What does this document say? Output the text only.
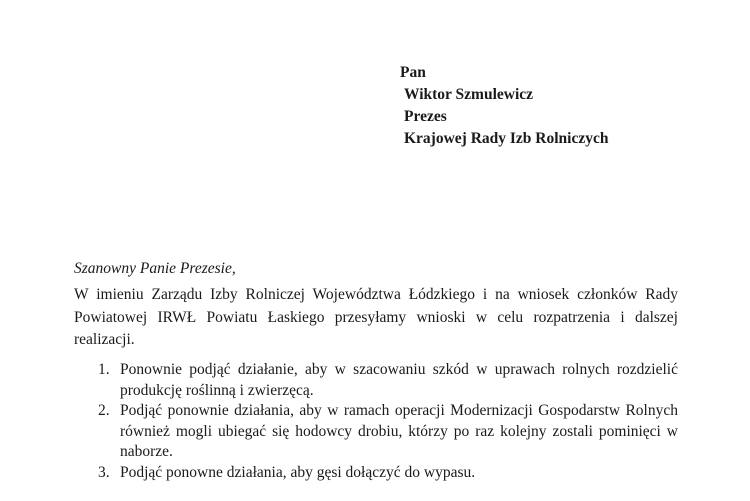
Pan
Wiktor Szmulewicz
Prezes
Krajowej Rady Izb Rolniczych
Szanowny Panie Prezesie,

W imieniu Zarządu Izby Rolniczej Województwa Łódzkiego i na wniosek członków Rady Powiatowej IRWŁ Powiatu Łaskiego przesyłamy wnioski w celu rozpatrzenia i dalszej realizacji.

1. Ponownie podjąć działanie, aby w szacowaniu szkód w uprawach rolnych rozdzielić produkcję roślinną i zwierzęcą.
2. Podjąć ponownie działania, aby w ramach operacji Modernizacji Gospodarstw Rolnych również mogli ubiegać się hodowcy drobiu, którzy po raz kolejny zostali pominięci w naborze.
3. Podjąć ponowne działania, aby gęsi dołączyć do wypasu.
